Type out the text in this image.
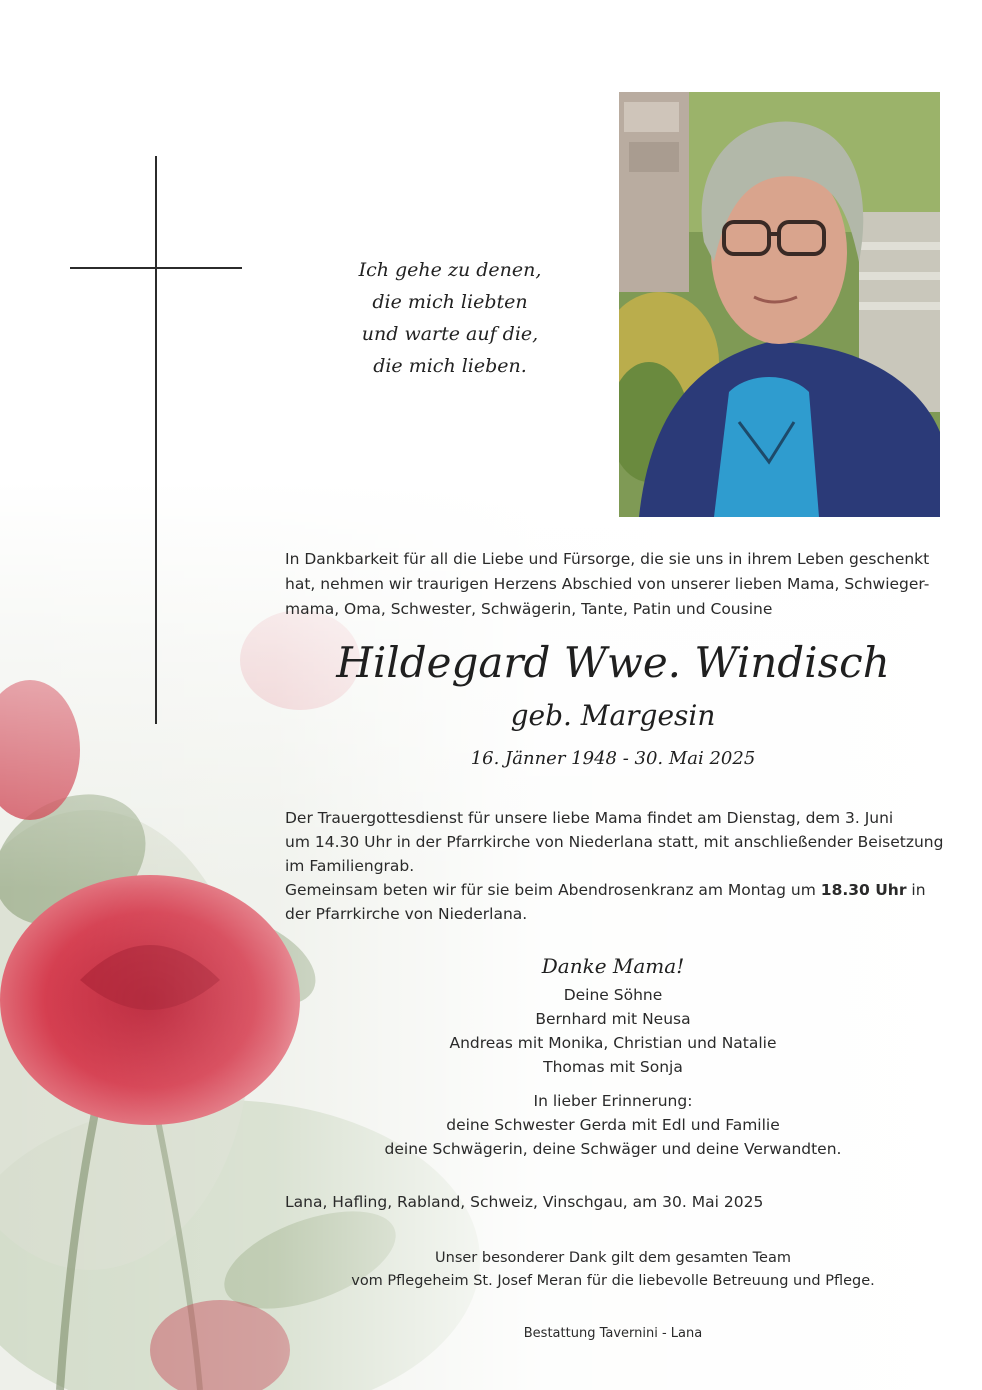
Ich gehe zu denen,
die mich liebten
und warte auf die,
die mich lieben.
In Dankbarkeit für all die Liebe und Fürsorge, die sie uns in ihrem Leben geschenkt
hat, nehmen wir traurigen Herzens Abschied von unserer lieben Mama, Schwieger-
mama, Oma, Schwester, Schwägerin, Tante, Patin und Cousine
Hildegard Wwe. Windisch
geb. Margesin
16. Jänner 1948 - 30. Mai 2025
Der Trauergottesdienst für unsere liebe Mama findet am Dienstag, dem 3. Juni
um 14.30 Uhr in der Pfarrkirche von Niederlana statt, mit anschließender Beisetzung
im Familiengrab.
Gemeinsam beten wir für sie beim Abendrosenkranz am Montag um 18.30 Uhr in
der Pfarrkirche von Niederlana.
Danke Mama!
Deine Söhne
Bernhard mit Neusa
Andreas mit Monika, Christian und Natalie
Thomas mit Sonja
In lieber Erinnerung:
deine Schwester Gerda mit Edl und Familie
deine Schwägerin, deine Schwäger und deine Verwandten.
Lana, Hafling, Rabland, Schweiz, Vinschgau, am 30. Mai 2025
Unser besonderer Dank gilt dem gesamten Team
vom Pflegeheim St. Josef Meran für die liebevolle Betreuung und Pflege.
Bestattung Tavernini - Lana
